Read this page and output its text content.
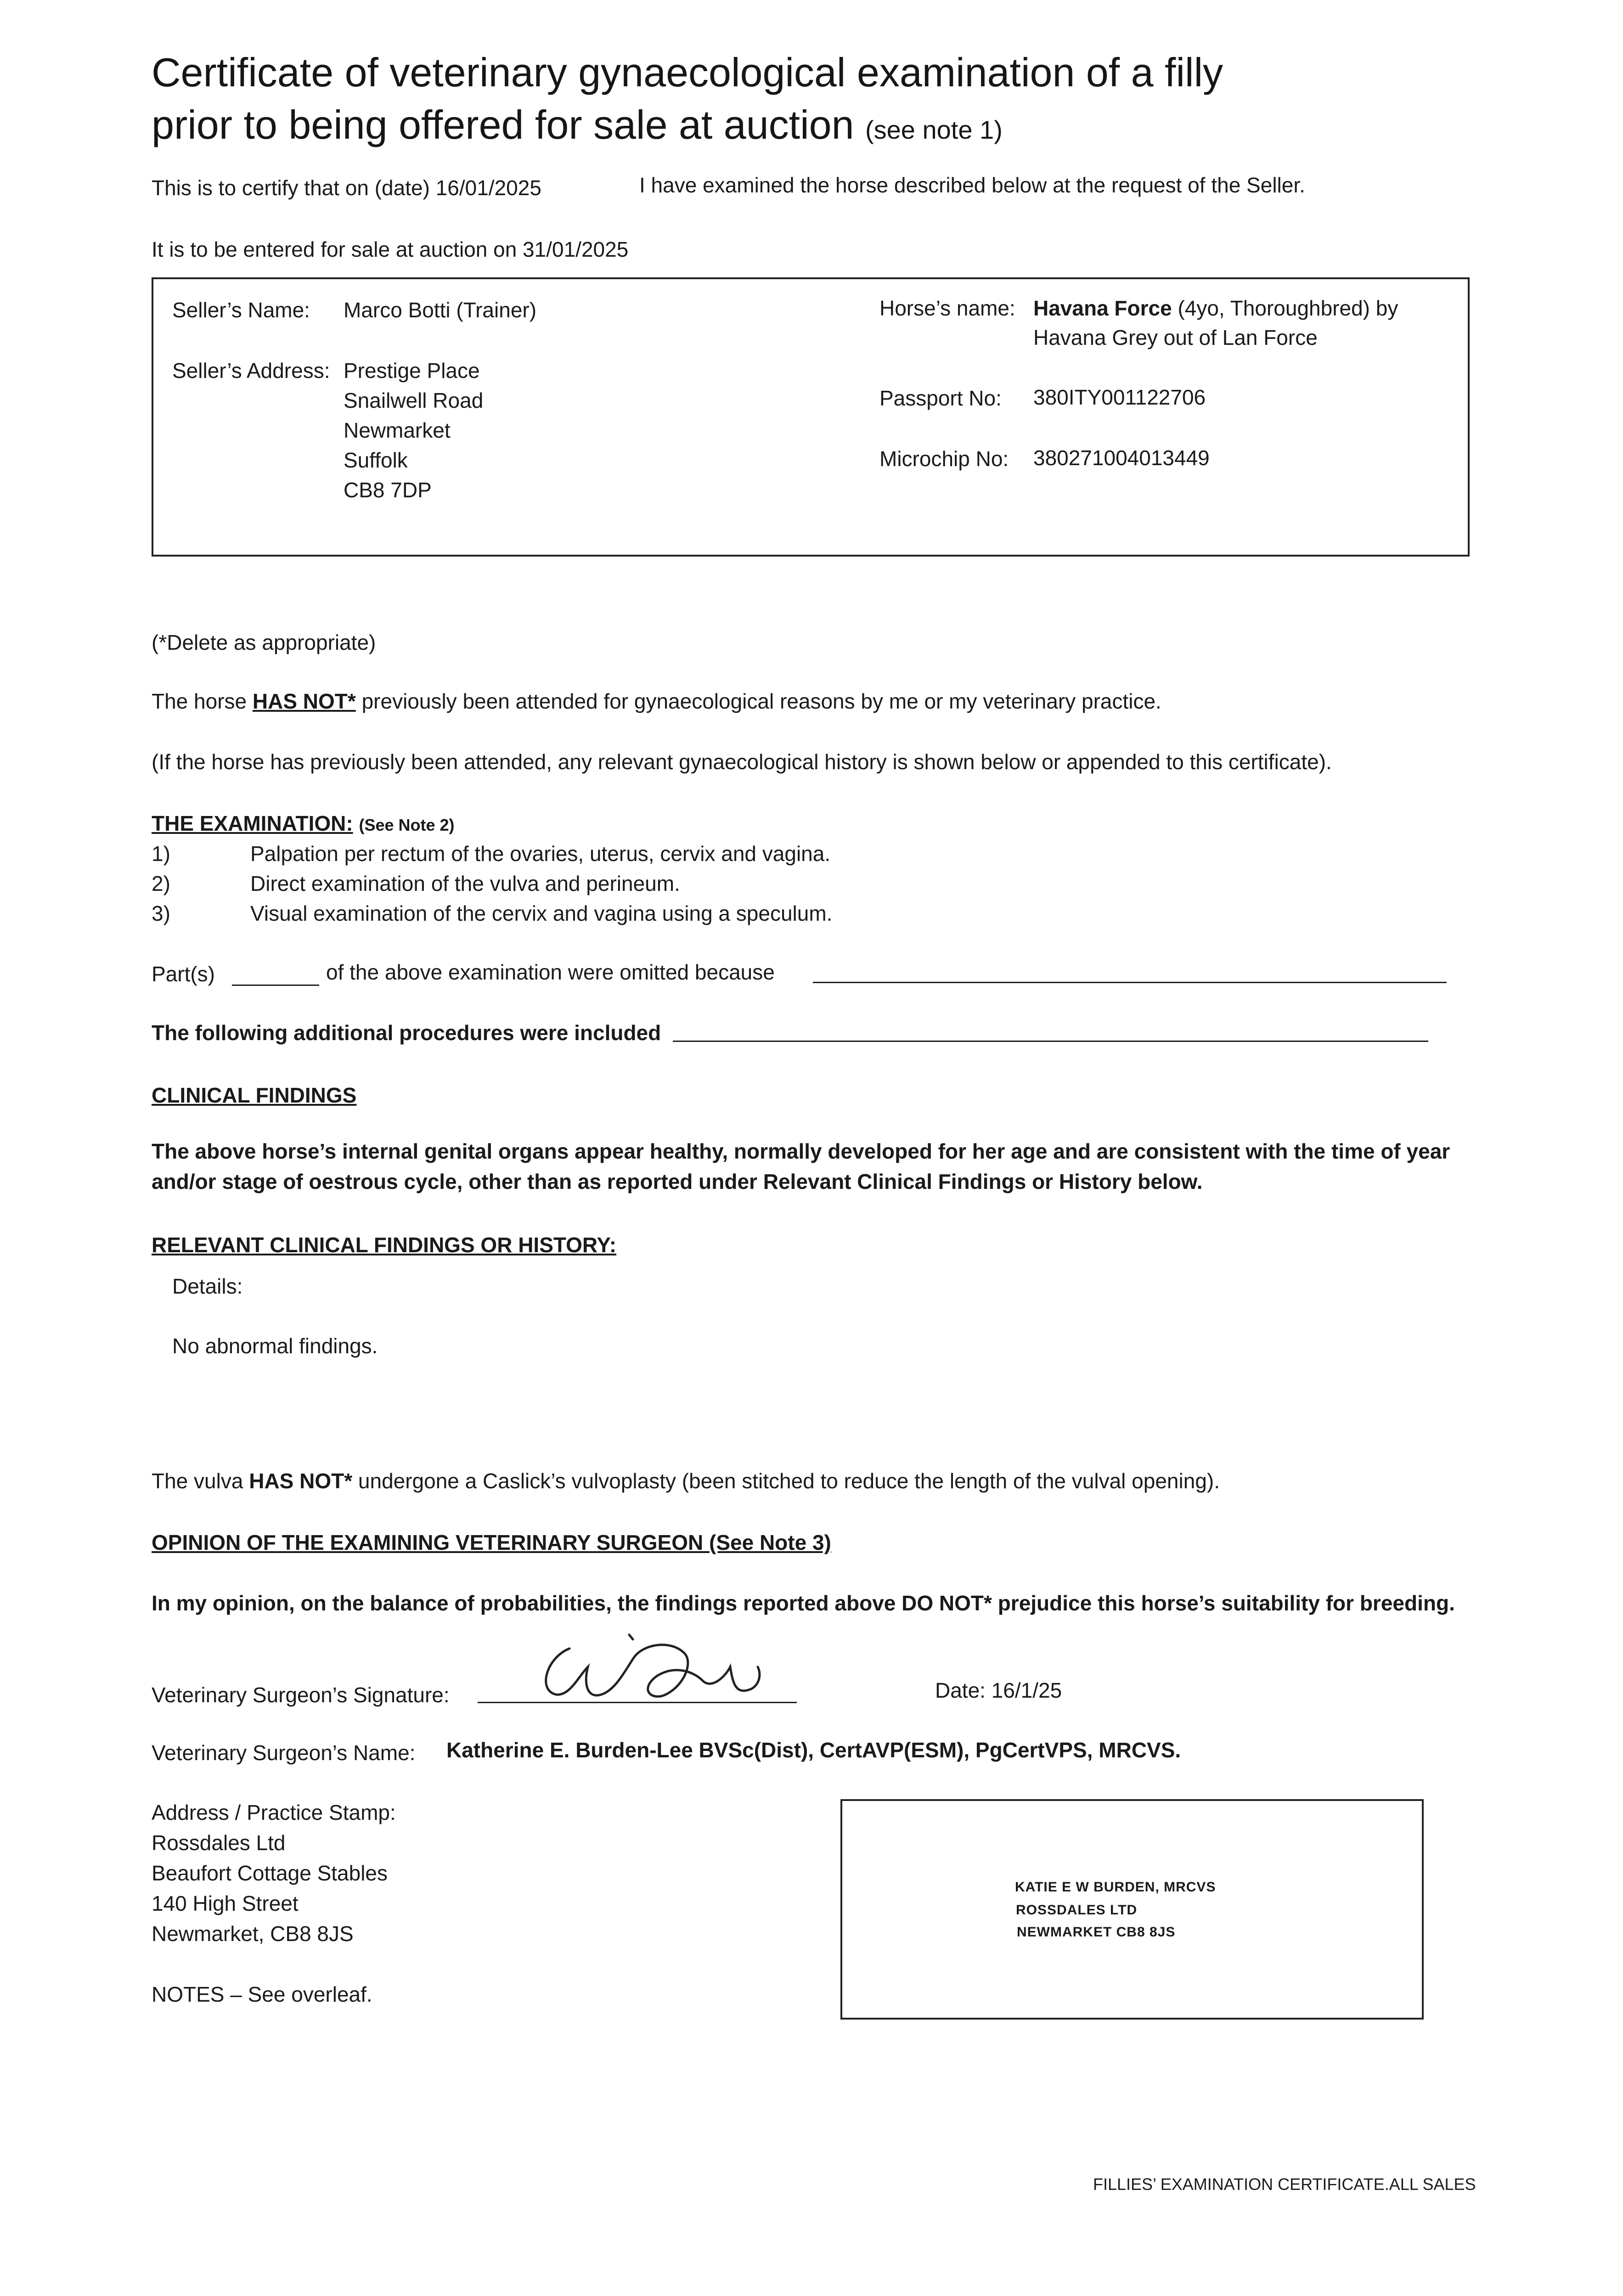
Certificate of veterinary gynaecological examination of a filly
prior to being offered for sale at auction (see note 1)
This is to certify that on (date) 16/01/2025	I have examined the horse described below at the request of the Seller.
It is to be entered for sale at auction on 31/01/2025
Seller’s Name: Marco Botti (Trainer)
Seller’s Address: Prestige Place
Snailwell Road
Newmarket
Suffolk
CB8 7DP
Horse’s name: Havana Force (4yo, Thoroughbred) by
Havana Grey out of Lan Force
Passport No: 380ITY001122706
Microchip No: 380271004013449
(*Delete as appropriate)
The horse HAS NOT* previously been attended for gynaecological reasons by me or my veterinary practice.
(If the horse has previously been attended, any relevant gynaecological history is shown below or appended to this certificate).
THE EXAMINATION: (See Note 2)
1)	Palpation per rectum of the ovaries, uterus, cervix and vagina.
2)	Direct examination of the vulva and perineum.
3)	Visual examination of the cervix and vagina using a speculum.
Part(s)	of the above examination were omitted because
The following additional procedures were included
CLINICAL FINDINGS
The above horse’s internal genital organs appear healthy, normally developed for her age and are consistent with the time of year
and/or stage of oestrous cycle, other than as reported under Relevant Clinical Findings or History below.
RELEVANT CLINICAL FINDINGS OR HISTORY:
Details:
No abnormal findings.
The vulva HAS NOT* undergone a Caslick’s vulvoplasty (been stitched to reduce the length of the vulval opening).
OPINION OF THE EXAMINING VETERINARY SURGEON (See Note 3)
In my opinion, on the balance of probabilities, the findings reported above DO NOT* prejudice this horse’s suitability for breeding.
Veterinary Surgeon’s Signature:	Date: 16/1/25
Veterinary Surgeon’s Name: Katherine E. Burden-Lee BVSc(Dist), CertAVP(ESM), PgCertVPS, MRCVS.
Address / Practice Stamp:
Rossdales Ltd
Beaufort Cottage Stables
140 High Street
Newmarket, CB8 8JS
KATIE E W BURDEN, MRCVS
ROSSDALES LTD
NEWMARKET CB8 8JS
NOTES – See overleaf.
FILLIES’ EXAMINATION CERTIFICATE.ALL SALES
